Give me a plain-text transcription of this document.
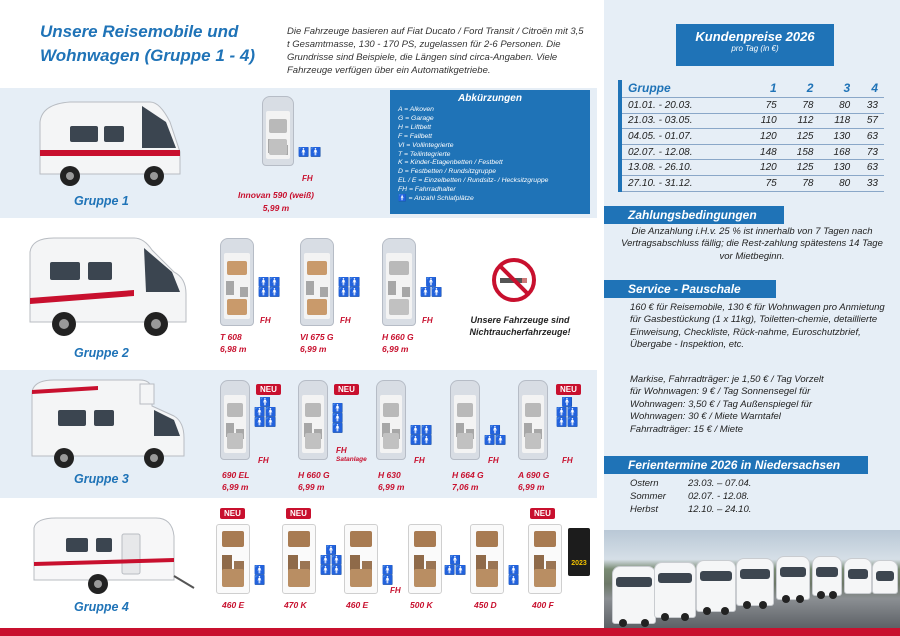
Unsere Reisemobile und Wohnwagen (Gruppe 1 - 4)
Die Fahrzeuge basieren auf Fiat Ducato / Ford Transit / Citroën mit 3,5 t Gesamtmasse, 130 - 170 PS, zugelassen für 2-6 Personen. Die Grundrisse sind Beispiele, die Längen sind circa-Angaben. Viele Fahrzeuge verfügen über ein Automatikgetriebe.
Gruppe 1
🚹 🚹
FH
Innovan 590 (weiß)
5,99 m
Abkürzungen
A = Alkoven
G = Garage
H = Liftbett
F = Fallbett
VI = Vollintegrierte
T = Teilintegrierte
K = Kinder-Etagenbetten / Festbett
D = Festbetten / Rundsitzgruppe
EL / E = Einzelbetten / Rundsitz- / Hecksitzgruppe
FH = Fahrradhalter
🚹 = Anzahl Schlafplätze
Gruppe 2
🚹🚹
🚹🚹
FH
T 608
6,98 m
🚹🚹
🚹🚹
FH
VI 675 G
6,99 m
🚹
🚹🚹
FH
H 660 G
6,99 m
Unsere Fahrzeuge sind Nichtraucherfahrzeuge!
Gruppe 3
NEU
🚹
🚹🚹
🚹🚹
FH
690 EL
6,99 m
NEU
🚹
🚹
🚹
FH
Satanlage
H 660 G
6,99 m
🚹🚹
🚹🚹
FH
H 630
6,99 m
🚹
🚹🚹
FH
H 664 G
7,06 m
NEU
🚹
🚹🚹
🚹🚹
FH
A 690 G
6,99 m
Gruppe 4
NEU
🚹
🚹
460 E
NEU
🚹
🚹🚹
🚹🚹
470 K
🚹
🚹
460 E
🚹
🚹🚹
FH
500 K
🚹
🚹
450 D
NEU
400 F
2023
Kundenpreise 2026
pro Tag (in €)
Gruppe	1	2	3	4
01.01. - 20.03.	75	78	80	33
21.03. - 03.05.	110	112	118	57
04.05. - 01.07.	120	125	130	63
02.07. - 12.08.	148	158	168	73
13.08. - 26.10.	120	125	130	63
27.10. - 31.12.	75	78	80	33
Zahlungsbedingungen
Die Anzahlung i.H.v. 25 % ist innerhalb von 7 Tagen nach Vertragsabschluss fällig; die Rest-zahlung spätestens 14 Tage vor Mietbeginn.
Service - Pauschale
160 € für Reisemobile, 130 € für Wohnwagen pro Anmietung für Gasbestückung (1 x 11kg), Toiletten-chemie, detaillierte Einweisung, Checkliste, Rück-nahme, Euroschutzbrief, Übergabe - Inspektion, etc.
Markise, Fahrradträger: je 1,50 € / Tag Vorzelt
für Wohnwagen: 9 € / Tag Sonnensegel für
Wohnwagen: 3,50 € / Tag Außenspiegel für
Wohnwagen: 30 € / Miete Warntafel
Fahrradträger: 15 € / Miete
Ferientermine 2026 in Niedersachsen
Ostern	23.03. – 07.04.
Sommer	02.07. - 12.08.
Herbst	12.10. – 24.10.
